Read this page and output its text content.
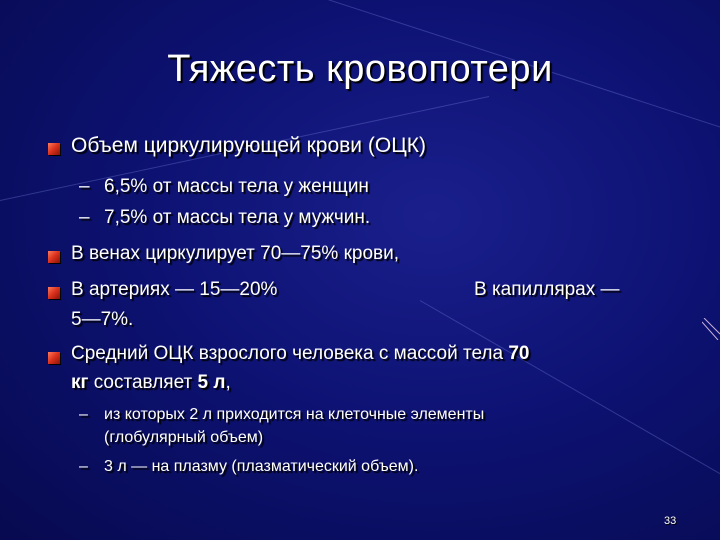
Тяжесть кровопотери
Объем циркулирующей крови (ОЦК)
– 6,5% от массы тела у женщин
– 7,5% от массы тела у мужчин.
В венах циркулирует 70—75% крови,
В артериях — 15—20%	В капиллярах —
5—7%.
Средний ОЦК взрослого человека с массой тела 70
кг составляет 5 л,
– из которых 2 л приходится на клеточные элементы
(глобулярный объем)
– 3 л — на плазму (плазматический объем).
33
